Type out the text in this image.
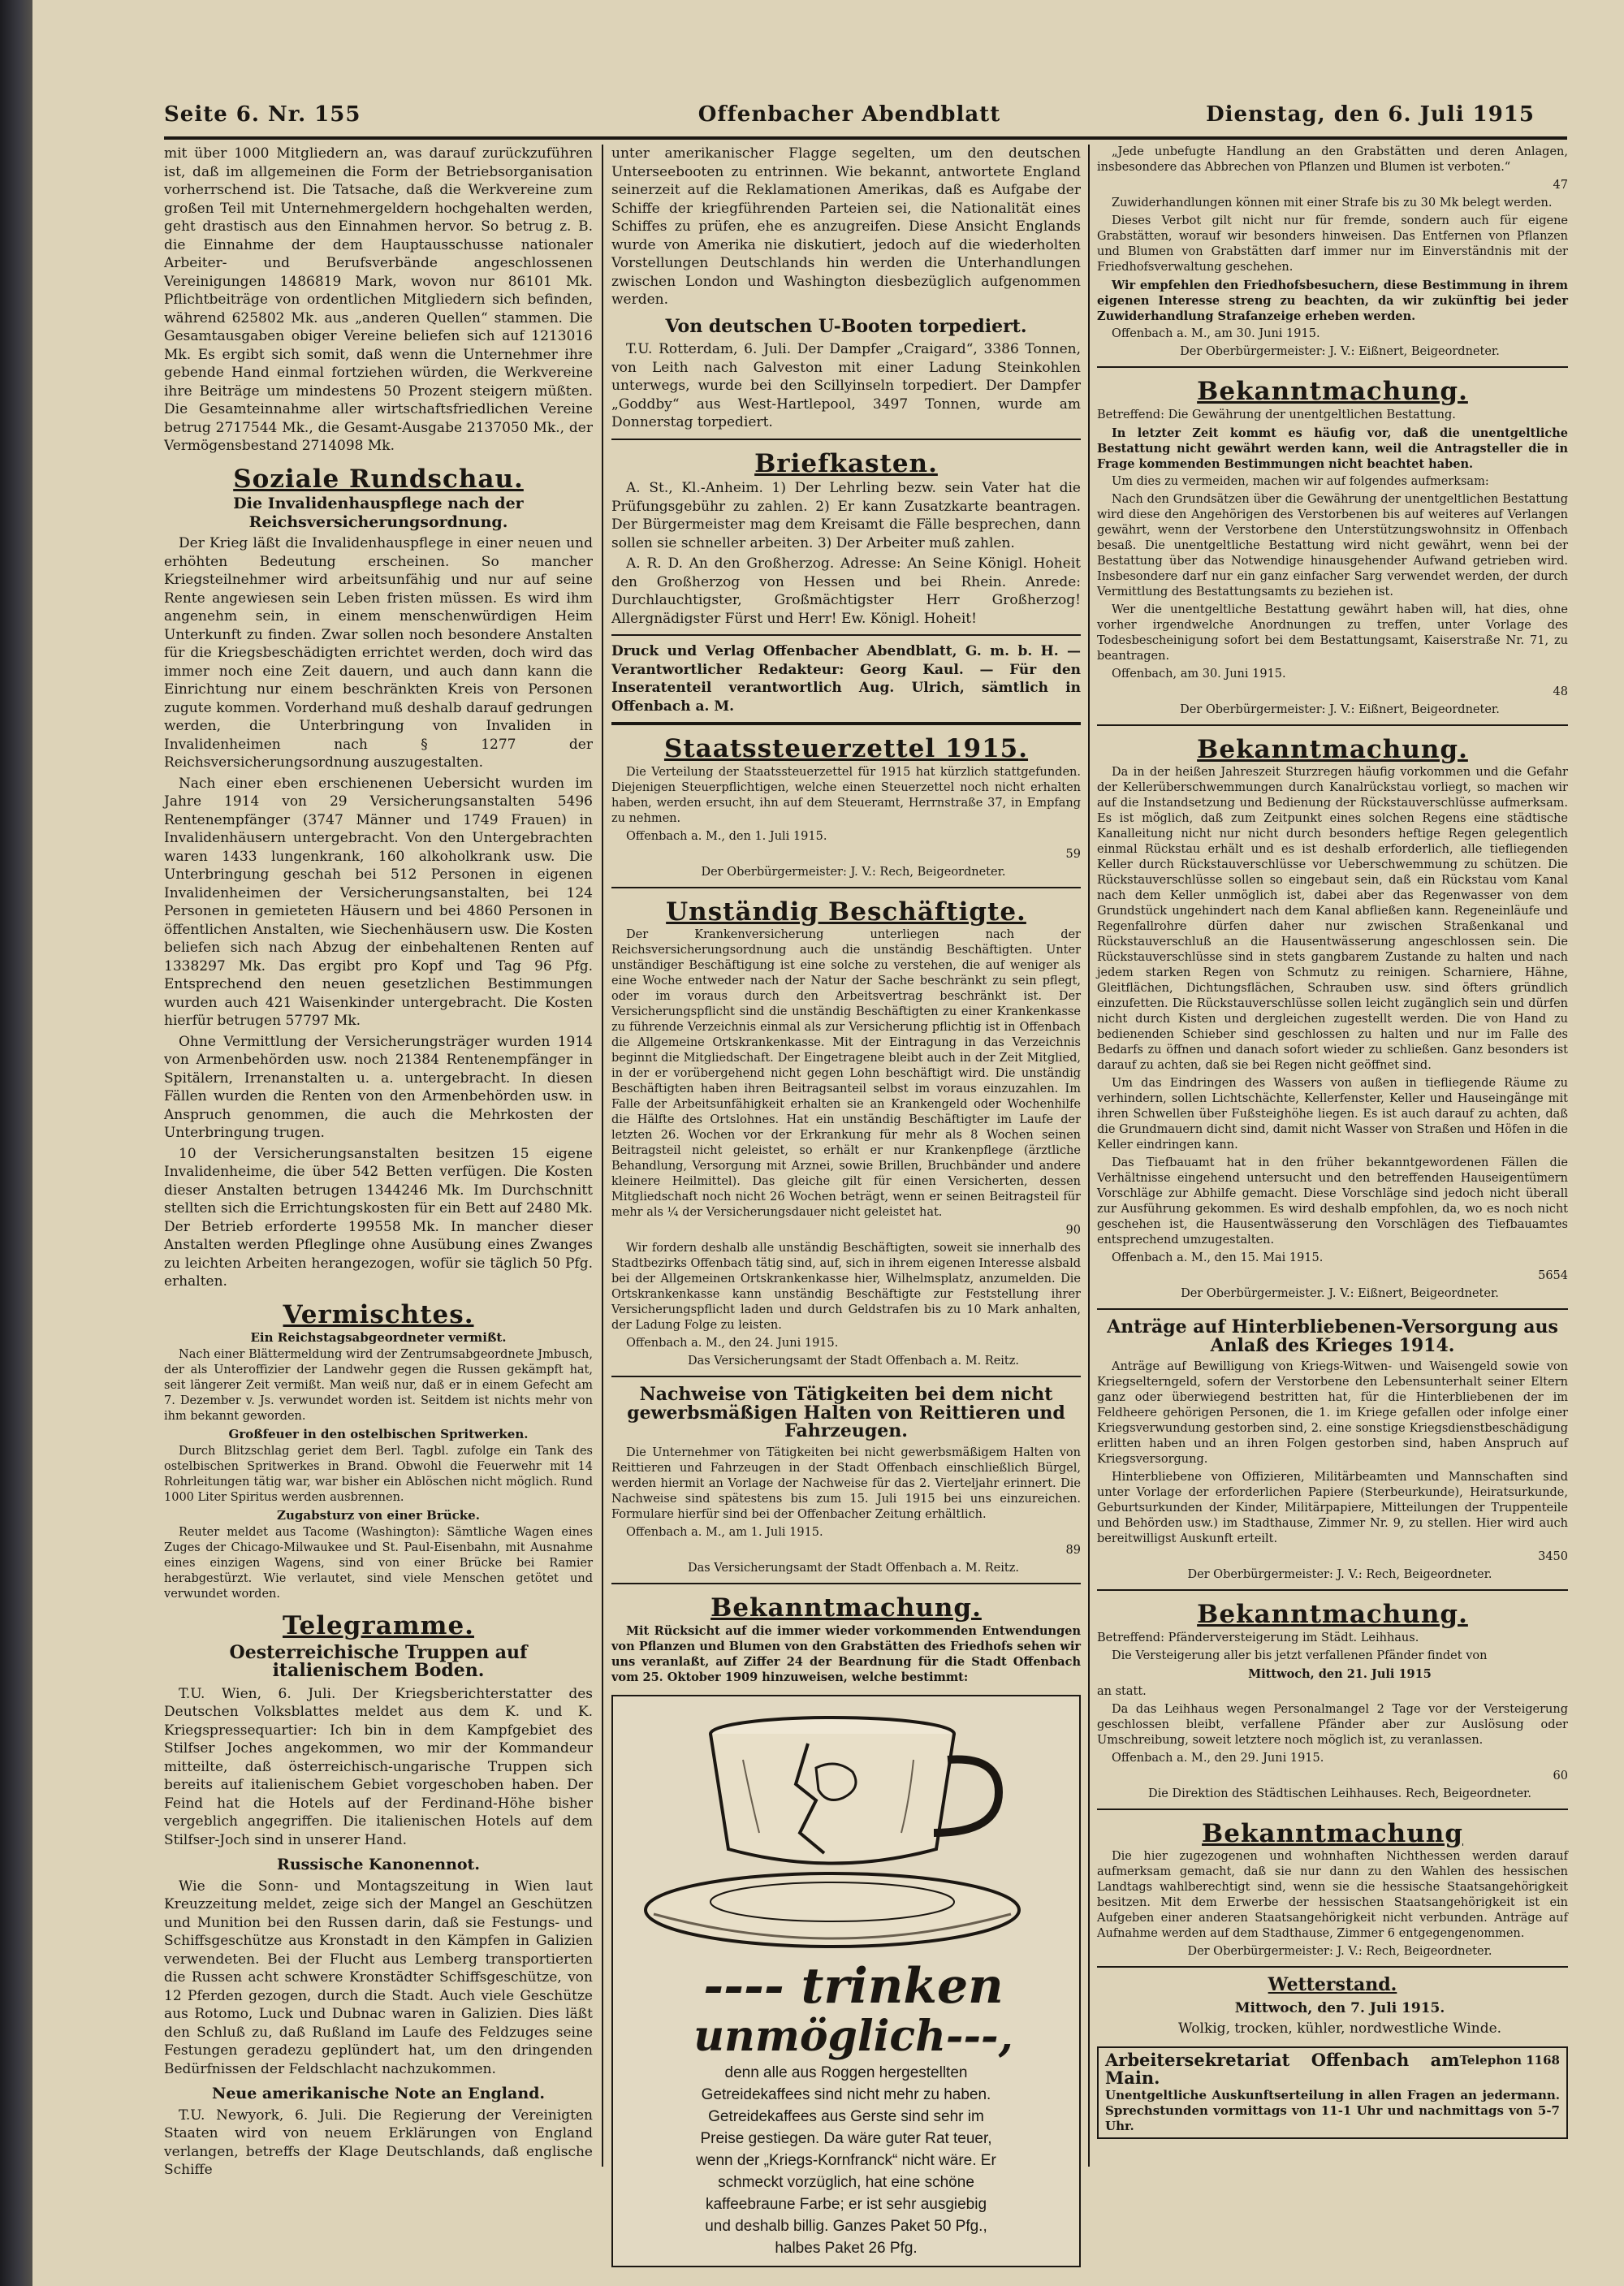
Seite 6. Nr. 155	Offenbacher Abendblatt	Dienstag, den 6. Juli 1915

mit über 1000 Mitgliedern an, was darauf zurückzuführen ist, daß im allgemeinen die Form der Betriebsorganisation vorherrschend ist. Die Tatsache, daß die Werkvereine zum großen Teil mit Unternehmergeldern hochgehalten werden, geht drastisch aus den Einnahmen hervor. So betrug z. B. die Einnahme der dem Hauptausschusse nationaler Arbeiter- und Berufsverbände angeschlossenen Vereinigungen 1486819 Mark, wovon nur 86101 Mk. Pflichtbeiträge von ordentlichen Mitgliedern sich befinden, während 625802 Mk. aus „anderen Quellen“ stammen. Die Gesamtausgaben obiger Vereine beliefen sich auf 1213016 Mk. Es ergibt sich somit, daß wenn die Unternehmer ihre gebende Hand einmal fortziehen würden, die Werkvereine ihre Beiträge um mindestens 50 Prozent steigern müßten. Die Gesamteinnahme aller wirtschaftsfriedlichen Vereine betrug 2717544 Mk., die Gesamt-Ausgabe 2137050 Mk., der Vermögensbestand 2714098 Mk.

Soziale Rundschau.
Die Invalidenhauspflege nach der Reichsversicherungsordnung.

Der Krieg läßt die Invalidenhauspflege in einer neuen und erhöhten Bedeutung erscheinen. So mancher Kriegsteilnehmer wird arbeitsunfähig und nur auf seine Rente angewiesen sein Leben fristen müssen. Es wird ihm angenehm sein, in einem menschenwürdigen Heim Unterkunft zu finden. Zwar sollen noch besondere Anstalten für die Kriegsbeschädigten errichtet werden, doch wird das immer noch eine Zeit dauern, und auch dann kann die Einrichtung nur einem beschränkten Kreis von Personen zugute kommen. Vorderhand muß deshalb darauf gedrungen werden, die Unterbringung von Invaliden in Invalidenheimen nach § 1277 der Reichsversicherungsordnung auszugestalten.

Nach einer eben erschienenen Uebersicht wurden im Jahre 1914 von 29 Versicherungsanstalten 5496 Rentenempfänger (3747 Männer und 1749 Frauen) in Invalidenhäusern untergebracht. Von den Untergebrachten waren 1433 lungenkrank, 160 alkoholkrank usw. Die Unterbringung geschah bei 512 Personen in eigenen Invalidenheimen der Versicherungsanstalten, bei 124 Personen in gemieteten Häusern und bei 4860 Personen in öffentlichen Anstalten, wie Siechenhäusern usw. Die Kosten beliefen sich nach Abzug der einbehaltenen Renten auf 1338297 Mk. Das ergibt pro Kopf und Tag 96 Pfg. Entsprechend den neuen gesetzlichen Bestimmungen wurden auch 421 Waisenkinder untergebracht. Die Kosten hierfür betrugen 57797 Mk.

Ohne Vermittlung der Versicherungsträger wurden 1914 von Armenbehörden usw. noch 21384 Rentenempfänger in Spitälern, Irrenanstalten u. a. untergebracht. In diesen Fällen wurden die Renten von den Armenbehörden usw. in Anspruch genommen, die auch die Mehrkosten der Unterbringung trugen.

10 der Versicherungsanstalten besitzen 15 eigene Invalidenheime, die über 542 Betten verfügen. Die Kosten dieser Anstalten betrugen 1344246 Mk. Im Durchschnitt stellten sich die Errichtungskosten für ein Bett auf 2480 Mk. Der Betrieb erforderte 199558 Mk. In mancher dieser Anstalten werden Pfleglinge ohne Ausübung eines Zwanges zu leichten Arbeiten herangezogen, wofür sie täglich 50 Pfg. erhalten.

Vermischtes.
Ein Reichstagsabgeordneter vermißt.

Nach einer Blättermeldung wird der Zentrumsabgeordnete Jmbusch, der als Unteroffizier der Landwehr gegen die Russen gekämpft hat, seit längerer Zeit vermißt. Man weiß nur, daß er in einem Gefecht am 7. Dezember v. Js. verwundet worden ist. Seitdem ist nichts mehr von ihm bekannt geworden.

Großfeuer in den ostelbischen Spritwerken.

Durch Blitzschlag geriet dem Berl. Tagbl. zufolge ein Tank des ostelbischen Spritwerkes in Brand. Obwohl die Feuerwehr mit 14 Rohrleitungen tätig war, war bisher ein Ablöschen nicht möglich. Rund 1000 Liter Spiritus werden ausbrennen.

Zugabsturz von einer Brücke.

Reuter meldet aus Tacome (Washington): Sämtliche Wagen eines Zuges der Chicago-Milwaukee und St. Paul-Eisenbahn, mit Ausnahme eines einzigen Wagens, sind von einer Brücke bei Ramier herabgestürzt. Wie verlautet, sind viele Menschen getötet und verwundet worden.

Telegramme.
Oesterreichische Truppen auf italienischem Boden.

T.U. Wien, 6. Juli. Der Kriegsberichterstatter des Deutschen Volksblattes meldet aus dem K. und K. Kriegspressequartier: Ich bin in dem Kampfgebiet des Stilfser Joches angekommen, wo mir der Kommandeur mitteilte, daß österreichisch-ungarische Truppen sich bereits auf italienischem Gebiet vorgeschoben haben. Der Feind hat die Hotels auf der Ferdinand-Höhe bisher vergeblich angegriffen. Die italienischen Hotels auf dem Stilfser-Joch sind in unserer Hand.

Russische Kanonennot.

Wie die Sonn- und Montagszeitung in Wien laut Kreuzzeitung meldet, zeige sich der Mangel an Geschützen und Munition bei den Russen darin, daß sie Festungs- und Schiffsgeschütze aus Kronstadt in den Kämpfen in Galizien verwendeten. Bei der Flucht aus Lemberg transportierten die Russen acht schwere Kronstädter Schiffsgeschütze, von 12 Pferden gezogen, durch die Stadt. Auch viele Geschütze aus Rotomo, Luck und Dubnac waren in Galizien. Dies läßt den Schluß zu, daß Rußland im Laufe des Feldzuges seine Festungen geradezu geplündert hat, um den dringenden Bedürfnissen der Feldschlacht nachzukommen.

Neue amerikanische Note an England.

T.U. Newyork, 6. Juli. Die Regierung der Vereinigten Staaten wird von neuem Erklärungen von England verlangen, betreffs der Klage Deutschlands, daß englische Schiffe

unter amerikanischer Flagge segelten, um den deutschen Unterseebooten zu entrinnen. Wie bekannt, antwortete England seinerzeit auf die Reklamationen Amerikas, daß es Aufgabe der Schiffe der kriegführenden Parteien sei, die Nationalität eines Schiffes zu prüfen, ehe es anzugreifen. Diese Ansicht Englands wurde von Amerika nie diskutiert, jedoch auf die wiederholten Vorstellungen Deutschlands hin werden die Unterhandlungen zwischen London und Washington diesbezüglich aufgenommen werden.

Von deutschen U-Booten torpediert.

T.U. Rotterdam, 6. Juli. Der Dampfer „Craigard“, 3386 Tonnen, von Leith nach Galveston mit einer Ladung Steinkohlen unterwegs, wurde bei den Scillyinseln torpediert. Der Dampfer „Goddby“ aus West-Hartlepool, 3497 Tonnen, wurde am Donnerstag torpediert.

Briefkasten.

A. St., Kl.-Anheim. 1) Der Lehrling bezw. sein Vater hat die Prüfungsgebühr zu zahlen. 2) Er kann Zusatzkarte beantragen. Der Bürgermeister mag dem Kreisamt die Fälle besprechen, dann sollen sie schneller arbeiten. 3) Der Arbeiter muß zahlen.

A. R. D. An den Großherzog. Adresse: An Seine Königl. Hoheit den Großherzog von Hessen und bei Rhein. Anrede: Durchlauchtigster, Großmächtigster Herr Großherzog! Allergnädigster Fürst und Herr! Ew. Königl. Hoheit!

Druck und Verlag Offenbacher Abendblatt, G. m. b. H. — Verantwortlicher Redakteur: Georg Kaul. — Für den Inseratenteil verantwortlich Aug. Ulrich, sämtlich in Offenbach a. M.

Staatssteuerzettel 1915.

Die Verteilung der Staatssteuerzettel für 1915 hat kürzlich stattgefunden. Diejenigen Steuerpflichtigen, welche einen Steuerzettel noch nicht erhalten haben, werden ersucht, ihn auf dem Steueramt, Herrnstraße 37, in Empfang zu nehmen.

Offenbach a. M., den 1. Juli 1915.

59

Der Oberbürgermeister: J. V.: Rech, Beigeordneter.

Unständig Beschäftigte.

Der Krankenversicherung unterliegen nach der Reichsversicherungsordnung auch die unständig Beschäftigten. Unter unständiger Beschäftigung ist eine solche zu verstehen, die auf weniger als eine Woche entweder nach der Natur der Sache beschränkt zu sein pflegt, oder im voraus durch den Arbeitsvertrag beschränkt ist. Der Versicherungspflicht sind die unständig Beschäftigten zu einer Krankenkasse zu führende Verzeichnis einmal als zur Versicherung pflichtig ist in Offenbach die Allgemeine Ortskrankenkasse. Mit der Eintragung in das Verzeichnis beginnt die Mitgliedschaft. Der Eingetragene bleibt auch in der Zeit Mitglied, in der er vorübergehend nicht gegen Lohn beschäftigt wird. Die unständig Beschäftigten haben ihren Beitragsanteil selbst im voraus einzuzahlen. Im Falle der Arbeitsunfähigkeit erhalten sie an Krankengeld oder Wochenhilfe die Hälfte des Ortslohnes. Hat ein unständig Beschäftigter im Laufe der letzten 26. Wochen vor der Erkrankung für mehr als 8 Wochen seinen Beitragsteil nicht geleistet, so erhält er nur Krankenpflege (ärztliche Behandlung, Versorgung mit Arznei, sowie Brillen, Bruchbänder und andere kleinere Heilmittel). Das gleiche gilt für einen Versicherten, dessen Mitgliedschaft noch nicht 26 Wochen beträgt, wenn er seinen Beitragsteil für mehr als ¼ der Versicherungsdauer nicht geleistet hat.

90

Wir fordern deshalb alle unständig Beschäftigten, soweit sie innerhalb des Stadtbezirks Offenbach tätig sind, auf, sich in ihrem eigenen Interesse alsbald bei der Allgemeinen Ortskrankenkasse hier, Wilhelmsplatz, anzumelden. Die Ortskrankenkasse kann unständig Beschäftigte zur Feststellung ihrer Versicherungspflicht laden und durch Geldstrafen bis zu 10 Mark anhalten, der Ladung Folge zu leisten.

Offenbach a. M., den 24. Juni 1915.

Das Versicherungsamt der Stadt Offenbach a. M. Reitz.

Nachweise von Tätigkeiten bei dem nicht gewerbsmäßigen Halten von Reittieren und Fahrzeugen.

Die Unternehmer von Tätigkeiten bei nicht gewerbsmäßigem Halten von Reittieren und Fahrzeugen in der Stadt Offenbach einschließlich Bürgel, werden hiermit an Vorlage der Nachweise für das 2. Vierteljahr erinnert. Die Nachweise sind spätestens bis zum 15. Juli 1915 bei uns einzureichen. Formulare hierfür sind bei der Offenbacher Zeitung erhältlich.

Offenbach a. M., am 1. Juli 1915.

89

Das Versicherungsamt der Stadt Offenbach a. M. Reitz.

Bekanntmachung.

Mit Rücksicht auf die immer wieder vorkommenden Entwendungen von Pflanzen und Blumen von den Grabstätten des Friedhofs sehen wir uns veranlaßt, auf Ziffer 24 der Beardnung für die Stadt Offenbach vom 25. Oktober 1909 hinzuweisen, welche bestimmt:

---- trinken

unmöglich---,

denn alle aus Roggen hergestellten Getreidekaffees sind nicht mehr zu haben. Getreidekaffees aus Gerste sind sehr im Preise gestiegen. Da wäre guter Rat teuer, wenn der „Kriegs-Kornfranck“ nicht wäre. Er schmeckt vorzüglich, hat eine schöne kaffeebraune Farbe; er ist sehr ausgiebig und deshalb billig. Ganzes Paket 50 Pfg., halbes Paket 26 Pfg.

„Jede unbefugte Handlung an den Grabstätten und deren Anlagen, insbesondere das Abbrechen von Pflanzen und Blumen ist verboten.“

47

Zuwiderhandlungen können mit einer Strafe bis zu 30 Mk belegt werden.

Dieses Verbot gilt nicht nur für fremde, sondern auch für eigene Grabstätten, worauf wir besonders hinweisen. Das Entfernen von Pflanzen und Blumen von Grabstätten darf immer nur im Einverständnis mit der Friedhofsverwaltung geschehen.

Wir empfehlen den Friedhofsbesuchern, diese Bestimmung in ihrem eigenen Interesse streng zu beachten, da wir zukünftig bei jeder Zuwiderhandlung Strafanzeige erheben werden.

Offenbach a. M., am 30. Juni 1915.

Der Oberbürgermeister: J. V.: Eißnert, Beigeordneter.

Bekanntmachung.

Betreffend: Die Gewährung der unentgeltlichen Bestattung.

In letzter Zeit kommt es häufig vor, daß die unentgeltliche Bestattung nicht gewährt werden kann, weil die Antragsteller die in Frage kommenden Bestimmungen nicht beachtet haben.

Um dies zu vermeiden, machen wir auf folgendes aufmerksam:

Nach den Grundsätzen über die Gewährung der unentgeltlichen Bestattung wird diese den Angehörigen des Verstorbenen bis auf weiteres auf Verlangen gewährt, wenn der Verstorbene den Unterstützungswohnsitz in Offenbach besaß. Die unentgeltliche Bestattung wird nicht gewährt, wenn bei der Bestattung über das Notwendige hinausgehender Aufwand getrieben wird. Insbesondere darf nur ein ganz einfacher Sarg verwendet werden, der durch Vermittlung des Bestattungsamts zu beziehen ist.

Wer die unentgeltliche Bestattung gewährt haben will, hat dies, ohne vorher irgendwelche Anordnungen zu treffen, unter Vorlage des Todesbescheinigung sofort bei dem Bestattungsamt, Kaiserstraße Nr. 71, zu beantragen.

Offenbach, am 30. Juni 1915.

48

Der Oberbürgermeister: J. V.: Eißnert, Beigeordneter.

Bekanntmachung.

Da in der heißen Jahreszeit Sturzregen häufig vorkommen und die Gefahr der Kellerüberschwemmungen durch Kanalrückstau vorliegt, so machen wir auf die Instandsetzung und Bedienung der Rückstauverschlüsse aufmerksam. Es ist möglich, daß zum Zeitpunkt eines solchen Regens eine städtische Kanalleitung nicht nur nicht durch besonders heftige Regen gelegentlich einmal Rückstau erhält und es ist deshalb erforderlich, alle tiefliegenden Keller durch Rückstauverschlüsse vor Ueberschwemmung zu schützen. Die Rückstauverschlüsse sollen so eingebaut sein, daß ein Rückstau vom Kanal nach dem Keller unmöglich ist, dabei aber das Regenwasser von dem Grundstück ungehindert nach dem Kanal abfließen kann. Regeneinläufe und Regenfallrohre dürfen daher nur zwischen Straßenkanal und Rückstauverschluß an die Hausentwässerung angeschlossen sein. Die Rückstauverschlüsse sind in stets gangbarem Zustande zu halten und nach jedem starken Regen von Schmutz zu reinigen. Scharniere, Hähne, Gleitflächen, Dichtungsflächen, Schrauben usw. sind öfters gründlich einzufetten. Die Rückstauverschlüsse sollen leicht zugänglich sein und dürfen nicht durch Kisten und dergleichen zugestellt werden. Die von Hand zu bedienenden Schieber sind geschlossen zu halten und nur im Falle des Bedarfs zu öffnen und danach sofort wieder zu schließen. Ganz besonders ist darauf zu achten, daß sie bei Regen nicht geöffnet sind.

Um das Eindringen des Wassers von außen in tiefliegende Räume zu verhindern, sollen Lichtschächte, Kellerfenster, Keller und Hauseingänge mit ihren Schwellen über Fußsteighöhe liegen. Es ist auch darauf zu achten, daß die Grundmauern dicht sind, damit nicht Wasser von Straßen und Höfen in die Keller eindringen kann.

Das Tiefbauamt hat in den früher bekanntgewordenen Fällen die Verhältnisse eingehend untersucht und den betreffenden Hauseigentümern Vorschläge zur Abhilfe gemacht. Diese Vorschläge sind jedoch nicht überall zur Ausführung gekommen. Es wird deshalb empfohlen, da, wo es noch nicht geschehen ist, die Hausentwässerung den Vorschlägen des Tiefbauamtes entsprechend umzugestalten.

Offenbach a. M., den 15. Mai 1915.

5654

Der Oberbürgermeister. J. V.: Eißnert, Beigeordneter.

Anträge auf Hinterbliebenen-Versorgung aus Anlaß des Krieges 1914.

Anträge auf Bewilligung von Kriegs-Witwen- und Waisengeld sowie von Kriegselterngeld, sofern der Verstorbene den Lebensunterhalt seiner Eltern ganz oder überwiegend bestritten hat, für die Hinterbliebenen der im Feldheere gehörigen Personen, die 1. im Kriege gefallen oder infolge einer Kriegsverwundung gestorben sind, 2. eine sonstige Kriegsdienstbeschädigung erlitten haben und an ihren Folgen gestorben sind, haben Anspruch auf Kriegsversorgung.

Hinterbliebene von Offizieren, Militärbeamten und Mannschaften sind unter Vorlage der erforderlichen Papiere (Sterbeurkunde), Heiratsurkunde, Geburtsurkunden der Kinder, Militärpapiere, Mitteilungen der Truppenteile und Behörden usw.) im Stadthause, Zimmer Nr. 9, zu stellen. Hier wird auch bereitwilligst Auskunft erteilt.

3450

Der Oberbürgermeister: J. V.: Rech, Beigeordneter.

Bekanntmachung.

Betreffend: Pfänderversteigerung im Städt. Leihhaus.

Die Versteigerung aller bis jetzt verfallenen Pfänder findet von

Mittwoch, den 21. Juli 1915

an statt.

Da das Leihhaus wegen Personalmangel 2 Tage vor der Versteigerung geschlossen bleibt, verfallene Pfänder aber zur Auslösung oder Umschreibung, soweit letztere noch möglich ist, zu veranlassen.

Offenbach a. M., den 29. Juni 1915.

60

Die Direktion des Städtischen Leihhauses. Rech, Beigeordneter.

Bekanntmachung

Die hier zugezogenen und wohnhaften Nichthessen werden darauf aufmerksam gemacht, daß sie nur dann zu den Wahlen des hessischen Landtags wahlberechtigt sind, wenn sie die hessische Staatsangehörigkeit besitzen. Mit dem Erwerbe der hessischen Staatsangehörigkeit ist ein Aufgeben einer anderen Staatsangehörigkeit nicht verbunden. Anträge auf Aufnahme werden auf dem Stadthause, Zimmer 6 entgegengenommen.

Der Oberbürgermeister: J. V.: Rech, Beigeordneter.

Wetterstand.

Mittwoch, den 7. Juli 1915.

Wolkig, trocken, kühler, nordwestliche Winde.

Telephon 1168
Arbeitersekretariat Offenbach am Main.
Unentgeltliche Auskunftserteilung in allen Fragen an jedermann. Sprechstunden vormittags von 11-1 Uhr und nachmittags von 5-7 Uhr.
